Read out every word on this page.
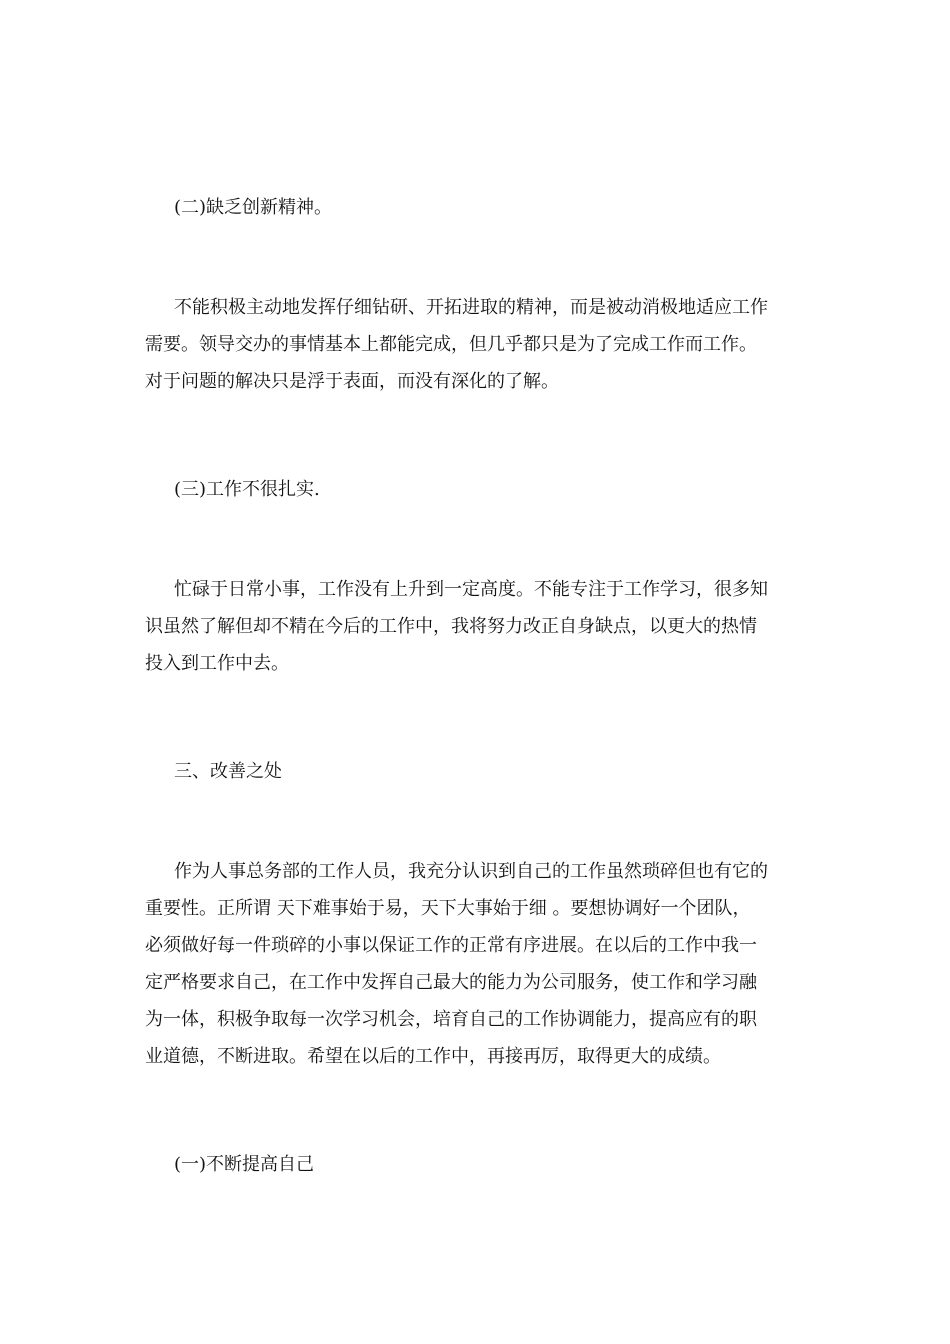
(二)缺乏创新精神。
不能积极主动地发挥仔细钻研、开拓进取的精神，而是被动消极地适应工作
需要。领导交办的事情基本上都能完成，但几乎都只是为了完成工作而工作。
对于问题的解决只是浮于表面，而没有深化的了解。
(三)工作不很扎实.
忙碌于日常小事，工作没有上升到一定高度。不能专注于工作学习，很多知
识虽然了解但却不精在今后的工作中，我将努力改正自身缺点，以更大的热情
投入到工作中去。
三、改善之处
作为人事总务部的工作人员，我充分认识到自己的工作虽然琐碎但也有它的
重要性。正所谓 天下难事始于易，天下大事始于细 。要想协调好一个团队，
必须做好每一件琐碎的小事以保证工作的正常有序进展。在以后的工作中我一
定严格要求自己，在工作中发挥自己最大的能力为公司服务，使工作和学习融
为一体，积极争取每一次学习机会，培育自己的工作协调能力，提高应有的职
业道德，不断进取。希望在以后的工作中，再接再厉，取得更大的成绩。
(一)不断提高自己
